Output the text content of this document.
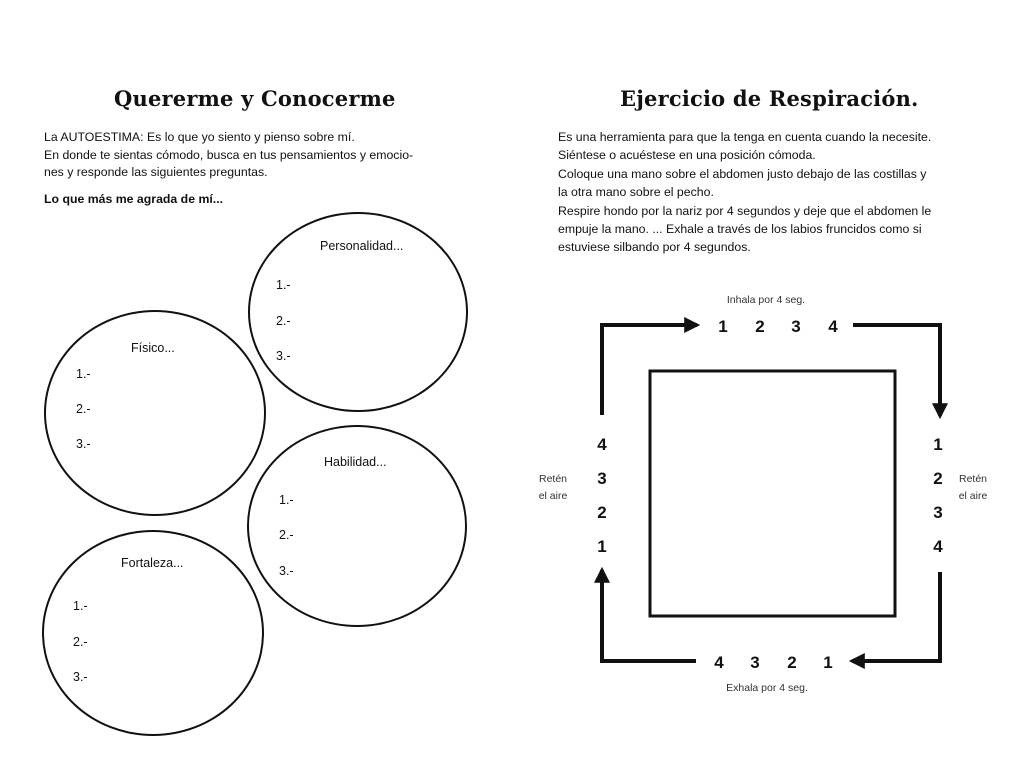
Quererme y Conocerme

La AUTOESTIMA: Es lo que yo siento y pienso sobre mí.

En donde te sientas cómodo, busca en tus pensamientos y emocio-

nes y responde las siguientes preguntas.

Lo que más me agrada de mí...
Personalidad...
1.-
2.-
3.-
Físico...
1.-
2.-
3.-
Habilidad...
1.-
2.-
3.-
Fortaleza...
1.-
2.-
3.-
Ejercicio de Respiración.

Es una herramienta para que la tenga en cuenta cuando la necesite.

Siéntese o acuéstese en una posición cómoda.

Coloque una mano sobre el abdomen justo debajo de las costillas y

la otra mano sobre el pecho.

Respire hondo por la nariz por 4 segundos y deje que el abdomen le

empuje la mano. ... Exhale a través de los labios fruncidos como si

estuviese silbando por 4 segundos.

Inhala por 4 seg.
Exhala por 4 seg.
Retén
el aire
Retén
el aire
1 2 3 4
1
2
3
4
4 3 2 1
4
3
2
1
